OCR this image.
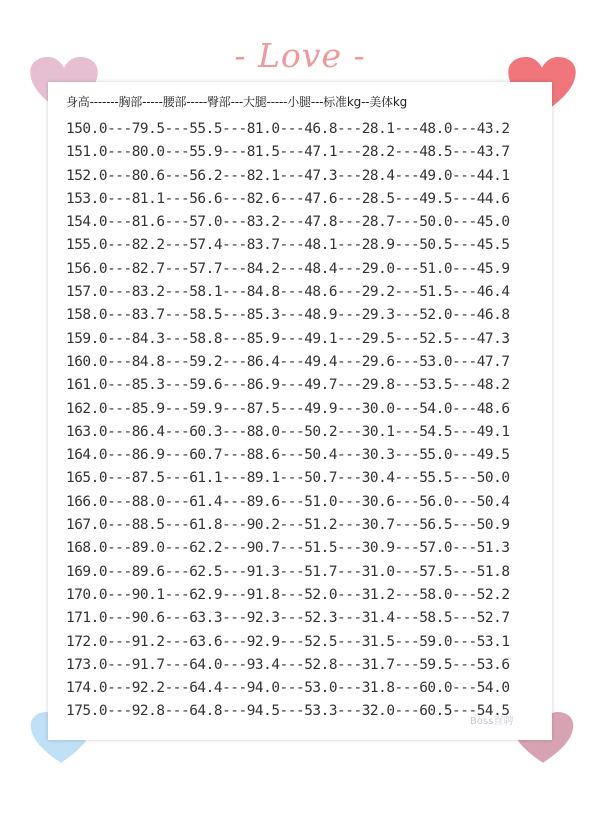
- Love -
身高-------胸部-----腰部-----臀部---大腿-----小腿---标准kg--美体kg
150.0---79.5---55.5---81.0---46.8---28.1---48.0---43.2
151.0---80.0---55.9---81.5---47.1---28.2---48.5---43.7
152.0---80.6---56.2---82.1---47.3---28.4---49.0---44.1
153.0---81.1---56.6---82.6---47.6---28.5---49.5---44.6
154.0---81.6---57.0---83.2---47.8---28.7---50.0---45.0
155.0---82.2---57.4---83.7---48.1---28.9---50.5---45.5
156.0---82.7---57.7---84.2---48.4---29.0---51.0---45.9
157.0---83.2---58.1---84.8---48.6---29.2---51.5---46.4
158.0---83.7---58.5---85.3---48.9---29.3---52.0---46.8
159.0---84.3---58.8---85.9---49.1---29.5---52.5---47.3
160.0---84.8---59.2---86.4---49.4---29.6---53.0---47.7
161.0---85.3---59.6---86.9---49.7---29.8---53.5---48.2
162.0---85.9---59.9---87.5---49.9---30.0---54.0---48.6
163.0---86.4---60.3---88.0---50.2---30.1---54.5---49.1
164.0---86.9---60.7---88.6---50.4---30.3---55.0---49.5
165.0---87.5---61.1---89.1---50.7---30.4---55.5---50.0
166.0---88.0---61.4---89.6---51.0---30.6---56.0---50.4
167.0---88.5---61.8---90.2---51.2---30.7---56.5---50.9
168.0---89.0---62.2---90.7---51.5---30.9---57.0---51.3
169.0---89.6---62.5---91.3---51.7---31.0---57.5---51.8
170.0---90.1---62.9---91.8---52.0---31.2---58.0---52.2
171.0---90.6---63.3---92.3---52.3---31.4---58.5---52.7
172.0---91.2---63.6---92.9---52.5---31.5---59.0---53.1
173.0---91.7---64.0---93.4---52.8---31.7---59.5---53.6
174.0---92.2---64.4---94.0---53.0---31.8---60.0---54.0
175.0---92.8---64.8---94.5---53.3---32.0---60.5---54.5
Boss直聘
